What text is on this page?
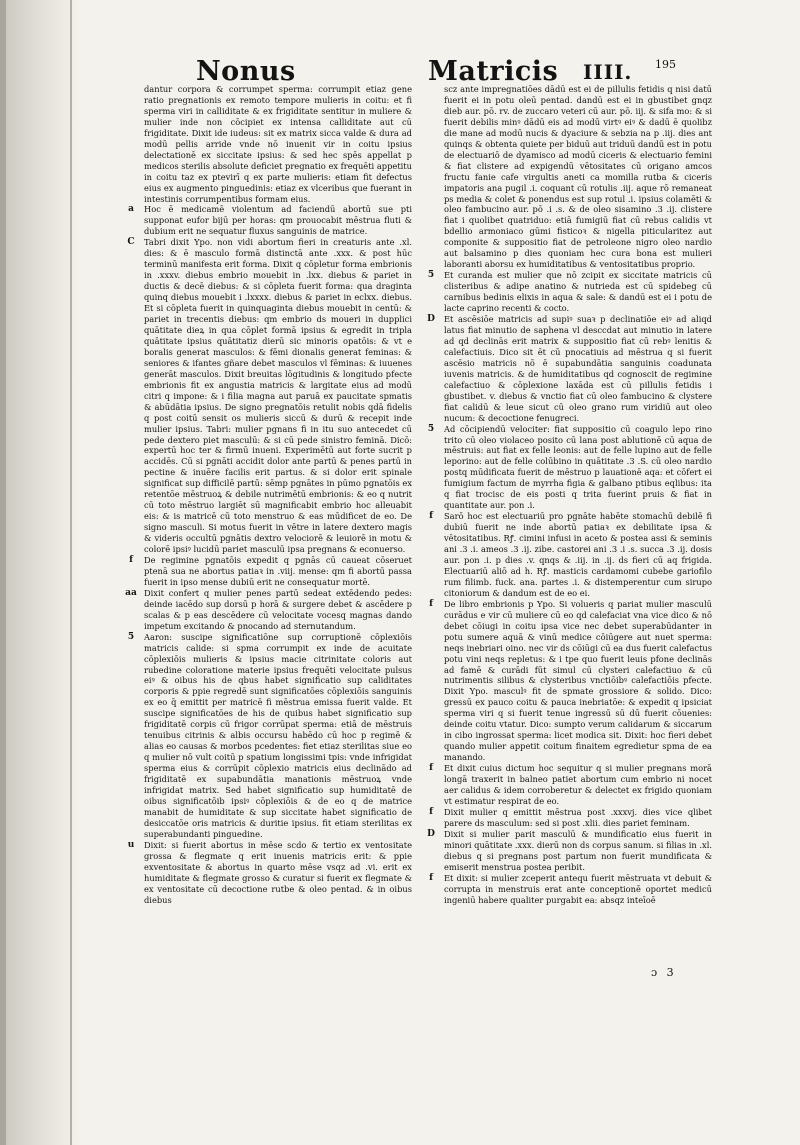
Nonus	Matricis IIII. 195
dantur corpora & corrumpet sperma: corrumpit etiaz gene ratio pregnationis ex remoto tempore mulieris in coitu: et fi sperma viri in calliditate & ex frigiditate sentitur in muliere & mulier inde non cōcipiet ex intensa calliditate aut cū frigiditate. Dixit ide iudeus: sit ex matrix sicca valde & dura ad modū pellis arride vnde nō inuenit vir in coitu ipsius delectationē ex siccitate ipsius: & sed hec spēs appellat p medicos sterilis absolute deficiet pregnatio ex frequēti appetitu in coitu taz ex ptevirī q ex parte mulieris: etiam fit defectus eius ex augmento pinguedinis: etiaz ex vlceribus que fuerant in intestinis corrumpentibus formam eius.
a	Hoc ē medicamē violentum ad faciendū abortū sue pti supponat eufor bijū per horas: qm prouocabit mēstrua fluti & dubium erit ne sequatur fluxus sanguinis de matrice.
C	Tabri dixit Ypo. non vidi abortum fieri in creaturis ante .xl. dies: & ē masculo formā distinctā ante .xxx. & post hūc terminū manifesta erit forma. Dixit q cōpletur forma embrionis in .xxxv. diebus embrio mouebit in .lxx. diebus & pariet in ductis & decē diebus: & si cōpleta fuerit forma: qua draginta quinq diebus mouebit i .lxxxx. diebus & pariet in eclxx. diebus. Et si cōpleta fuerit in quinquaginta diebus mouebit in centū: & pariet in trecentis diebus: qm embrio ds moueri in dupplici quātitate dieꝝ in qua cōplet formā ipsius & egredit in tripla quātitate ipsius quātitatiz dierū sic minoris opatōis: & vt e boralis generat masculos: & fēmi dionalis generat feminas: & seniores & ifantes gñare debet masculos vl fēminas: & iuuenes generāt masculos. Dixit breuitas lōgitudinis & longitudo pfecte embrionis fit ex angustia matricis & largitate eius ad modū citri q impone: & i filia magna aut paruā ex paucitate spmatis & abūdātia ipsius. De signo pregnatōis retulit nobis qdā fidelis q post coitū sensit os mulieris siccū & durū & recepit inde mulier ipsius. Tabri: mulier pgnans fi in itu suo antecedet cū pede dextero piet masculū: & si cū pede sinistro feminā. Dicō: expertū hoc ter & firmū inueni. Experimētū aut forte sucrit p accidēs. Cū si pgnāti accidit dolor ante partū & penes partū in pectine & inuēre facilis erit partus. & si dolor erit spinale significat sup difficilē partū: sēmp pgnātes in pūmo pgnatōis ex retentōe mēstruoꝝ & debile nutrimētū embrionis: & eo q nutrit cū toto mēstruo largiēt sū magnificabit embrio hoc alleuabit eis: & is matricē cū toto menstruo & eas mūdificet de eo. De signo masculi. Si motus fuerit in vētre in latere dextero magis & videris occultū pgnātis dextro velociorē & leuiorē in motu & colorē ipsiꝰ lucidū pariet masculū ipsa pregnans & econuerso.
f	De regimine pgnatōis expedit q pgnās cū caueat cōseruet ptenā sua ne abortus patiaꝛ in .viij. mense: qm fi abortū passa fuerit in ipso mense dubiū erit ne consequatur mortē.
aa Dixit confert q mulier penes partū sedeat extēdendo pedes: deinde iacēdo sup dorsū p horā & surgere debet & ascēdere p scalas & p eas descēdere cū velocitate vocesq magnas dando impetum excitando & pnocando ad sternutandum.
5	Aaron: suscipe significatiōne sup corruptionē cōplexiōis matricis calide: si spma corrumpit ex inde de acuitate cōplexiōis mulieris & ipsius macie citrinitate coloris aut rubedine coloratione materie ipsius frequēti velocitate pulsus eiꝰ & oibus his de qbus habet significatio sup caliditates corporis & ppie regredē sunt significatōes cōplexiōis sanguinis ex eo q̄ emittit per matricē fi mēstrua emissa fuerit valde. Et suscipe significatōes de his de quibus habet significatio sup frigiditatē corpis cū frigor corrūpat sperma: etiā de mēstruis tenuibus citrinis & albis occursu habēdo cū hoc p regimē & alias eo causas & morbos pcedentes: fiet etiaz sterilitas siue eo q mulier nō vult coitū p spatium longissimi tpis: vnde infrigidat sperma eius & corrūpit cōplexio matricis eius declinādo ad frigiditatē ex supabundātia manationis mēstruoꝝ vnde infrigidat matrix. Sed habet significatio sup humiditatē de oibus significatōib ipsiꝰ cōplexiōis & de eo q de matrice manabit de humiditate & sup siccitate habet significatio de desiccatōe oris matricis & duritie ipsius. fit etiam sterilitas ex superabundanti pinguedine.
u	Dixit: si fuerit abortus in mēse scdo & tertio ex ventositate grossa & flegmate q erit inuenis matricis erit: & ppie exventositate & abortus in quarto mēse vsqz ad .vi. erit ex humiditate & flegmate grosso & curatur si fuerit ex flegmate & ex ventositate cū decoctione rutbe & oleo pentad. & in oibus diebus
scz ante impregnatiōes dādū est ei de pillulis fetidis q nisi datū fuerit ei in potu oleū pentad. dandū est ei in gbustibet gnqz dieb aur. pō. rv. de zuccaro veteri cū aur. pō. iij. & sifa mo: & si fuerit debilis minꝰ dādū eis ad modū virtꝰ eiꝰ & dadū ē quolibz die mane ad modū nucis & dyaciure & sebzia na p .iij. dies ant quinqs & obtenta quiete per biduū aut triduū dandū est in potu de electuariō de dyamisco ad modū ciceris & electuario femini & fiat clistere ad expigendū vētositates cū origano amcos fructu fanie cafe virgultis aneti ca momilla rutba & ciceris impatoris ana pugil .i. coquant cū rotulis .iij. aque rō remaneat ps media & colet & ponendus est sup rotul .i. ipsius colamēti & oleo fambucino aur. pō .i .s. & de oleo sisamino .3 .ij. clistere fiat i quolibet quatriduo: etiā fumigiū fiat cū rebus calidis vt bdellio armoniaco gūmi fisticoꝛ & nigella piticularitez aut componite & suppositio fiat de petroleone nigro oleo nardio aut balsamino p dies quoniam hec cura bona est mulieri laboranti aborsu ex humiditatibus & ventositatibus proprio.
5	Et curanda est mulier que nō zcipit ex siccitate matricis cū clisteribus & adipe anatino & nutrieda est cū spidebeg cū carnibus bedinis elixis in aqua & sale: & dandū est ei i potu de lacte caprino recenti & cocto.
D	Et ascēsiōe matricis ad supiꝰ suaꝛ p declinatiōe eiꝰ ad aliqd latus fiat minutio de saphena vl desccdat aut minutio in latere ad qd declinās erit matrix & suppositio fiat cū rebꝰ lenitis & calefactiuis. Dico sit ēt cū pnocatiuis ad mēstrua q si fuerit ascēsio matricis nō ē supabundātia sanguinis coadunata iuvenis matricis. & de humiditatibus qd cognoscit de regimine calefactiuo & cōplexione laxāda est cū pillulis fetidis i gbustibet. v. diebus & vnctio fiat cū oleo fambucino & clystere fiat calidū & leue sicut cū oleo grano rum viridiū aut oleo nucum: & decoctione fenugreci.
5	Ad cōcipiendū velociter: fiat suppositio cū coagulo lepo rino trito cū oleo violaceo posito cū lana post ablutionē cū aqua de mēstruis: aut fiat ex felle leonis: aut de felle lupino aut de felle leporino: aut de felle colūbino in quātitate .3 .S. cū oleo nardio postq mūdificata fuerit de mēstruo p lauationē aqa: et cōfert ei fumigium factum de myrrha figia & galbano ptibus eqlibus: ita q fiat trocisc de eis posti q trita fuerint pruis & fiat in quantitate aur. pon .i.
f	Sarō hoc est electuariū pro pgnāte habēte stomachū debilē fi dubiū fuerit ne inde abortū patiaꝛ ex debilitate ipsa & vētositatibus. Rꝭ. cimini infusi in aceto & postea assi & seminis ani .3 .i. ameos .3 .ij. zibe. castorei ani .3 .i .s. succa .3 .ij. dosis aur. pon .i. p dies .v. qnqs & .iij. in .ij. ds fieri cū aq frigida. Electuariū aliō ad h. Rꝭ. masticis cardamomi cubebe gariofilo rum filimb. fuck. ana. partes .i. & distemperentur cum sirupo citoniorum & dandum est de eo ei.
f	De libro embrionis p Ypo. Si volueris q pariat mulier masculū curādus e vir cū muliere cū eo qd calefaciat vna vice dico & nō debet cōiugi in coitu ipsa vice nec debet superabūdanter in potu sumere aquā & vinū medice cōiūgere aut nuet sperma: neqs inebriari oino. nec vir ds cōiūgi cū ea dus fuerit calefactus potu vini neqs repletus: & i tpe quo fuerit leuis pfone declinās ad famē & curādi fūt simul cū clysteri calefactiuo & cū nutrimentis silibus & clysteribus vnctiōibꝰ calefactiōis pfecte. Dixit Ypo. masculꝰ fit de spmate grossiore & solido. Dico: gressū ex pauco coitu & pauca inebriatōe: & expedit q ipsiciat sperma viri q si fuerit tenue ingressū sū dū fuerit cōuenies: deinde coitu vtatur. Dico: sumpto verum calidarum & siccarum in cibo ingrossat sperma: licet modica sit. Dixit: hoc fieri debet quando mulier appetit coitum finaitem egredietur spma de ea manando.
f	Et dixit cuius dictum hoc sequitur q si mulier pregnans morā longā traxerit in balneo patiet abortum cum embrio ni nocet aer calidus & idem corroberetur & delectet ex frigido quoniam vt estimatur respirat de eo.
f	Dixit mulier q emittit mēstrua post .xxxvj. dies vice qlibet parere ds masculum: sed si post .xlii. dies pariet feminam.
D	Dixit si mulier parit masculū & mundificatio eius fuerit in minori quātitate .xxx. dierū non ds corpus sanum. si filias in .xl. diebus q si pregnans post partum non fuerit mundificata & emiserit menstrua postea peribit.
f	Et dixit: si mulier zceperit antequ fuerit mēstruata vt debuit & corrupta in menstruis erat ante conceptionē oportet medicū ingeniū habere qualiter purgabit ea: absqz inteīoē
ɔ 3
